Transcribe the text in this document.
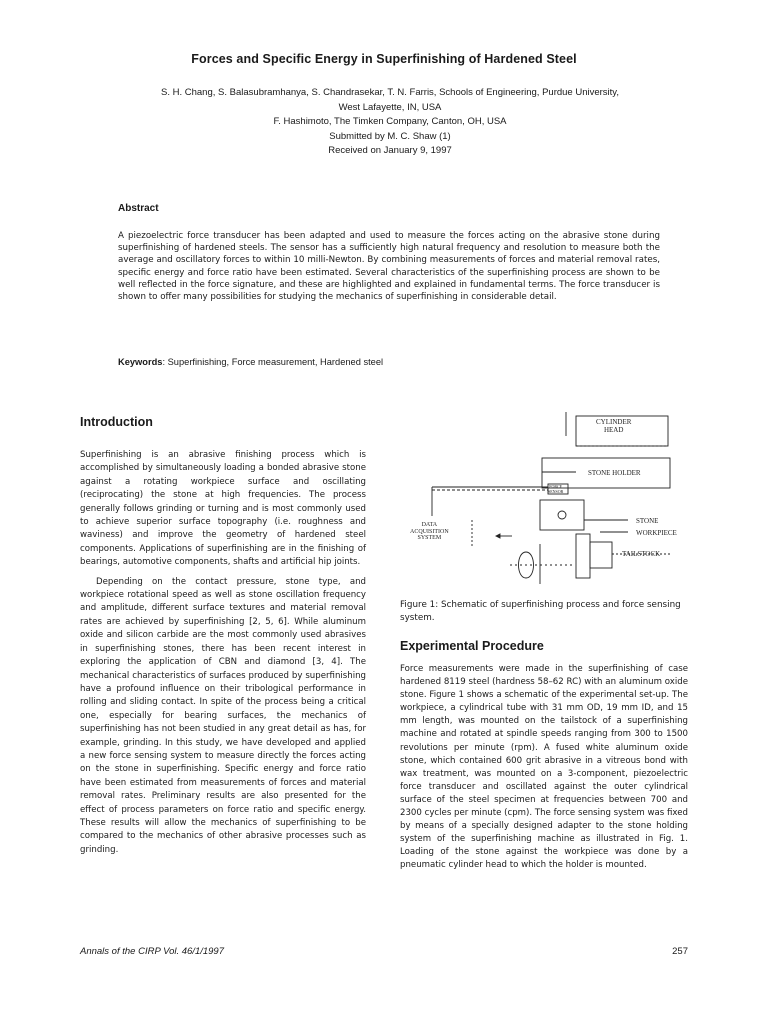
Forces and Specific Energy in Superfinishing of Hardened Steel
S. H. Chang, S. Balasubramhanya, S. Chandrasekar, T. N. Farris, Schools of Engineering, Purdue University,
West Lafayette, IN, USA
F. Hashimoto, The Timken Company, Canton, OH, USA
Submitted by M. C. Shaw (1)
Received on January 9, 1997
Abstract
A piezoelectric force transducer has been adapted and used to measure the forces acting on the abrasive stone during superfinishing of hardened steels. The sensor has a sufficiently high natural frequency and resolution to measure both the average and oscillatory forces to within 10 milli-Newton. By combining measurements of forces and material removal rates, specific energy and force ratio have been estimated. Several characteristics of the superfinishing process are shown to be well reflected in the force signature, and these are highlighted and explained in fundamental terms. The force transducer is shown to offer many possibilities for studying the mechanics of superfinishing in considerable detail.
Keywords: Superfinishing, Force measurement, Hardened steel
Introduction

Superfinishing is an abrasive finishing process which is accomplished by simultaneously loading a bonded abrasive stone against a rotating workpiece surface and oscillating (reciprocating) the stone at high frequencies. The process generally follows grinding or turning and is most commonly used to achieve superior surface topography (i.e. roughness and waviness) and improve the geometry of hardened steel components. Applications of superfinishing are in the finishing of bearings, automotive components, shafts and artificial hip joints.

Depending on the contact pressure, stone type, and workpiece rotational speed as well as stone oscillation frequency and amplitude, different surface textures and material removal rates are achieved by superfinishing [2, 5, 6]. While aluminum oxide and silicon carbide are the most commonly used abrasives in superfinishing stones, there has been recent interest in exploring the application of CBN and diamond [3, 4]. The mechanical characteristics of surfaces produced by superfinishing have a profound influence on their tribological performance in rolling and sliding contact. In spite of the process being a critical one, especially for bearing surfaces, the mechanics of superfinishing has not been studied in any great detail as has, for example, grinding. In this study, we have developed and applied a new force sensing system to measure directly the forces acting on the stone in superfinishing. Specific energy and force ratio have been estimated from measurements of forces and material removal rates. Preliminary results are also presented for the effect of process parameters on force ratio and specific energy. These results will allow the mechanics of superfinishing to be compared to the mechanics of other abrasive processes such as grinding.

CYLINDER
HEAD
STONE HOLDER
FORCE
SENSOR
DATA
ACQUISITION
SYSTEM
STONE
WORKPIECE
TAILSTOCK
Figure 1: Schematic of superfinishing process and force sensing system.
Experimental Procedure

Force measurements were made in the superfinishing of case hardened 8119 steel (hardness 58–62 RC) with an aluminum oxide stone. Figure 1 shows a schematic of the experimental set-up. The workpiece, a cylindrical tube with 31 mm OD, 19 mm ID, and 15 mm length, was mounted on the tailstock of a superfinishing machine and rotated at spindle speeds ranging from 300 to 1500 revolutions per minute (rpm). A fused white aluminum oxide stone, which contained 600 grit abrasive in a vitreous bond with wax treatment, was mounted on a 3-component, piezoelectric force transducer and oscillated against the outer cylindrical surface of the steel specimen at frequencies between 700 and 2300 cycles per minute (cpm). The force sensing system was fixed by means of a specially designed adapter to the stone holding system of the superfinishing machine as illustrated in Fig. 1. Loading of the stone against the workpiece was done by a pneumatic cylinder head to which the holder is mounted.

Annals of the CIRP Vol. 46/1/1997	257
